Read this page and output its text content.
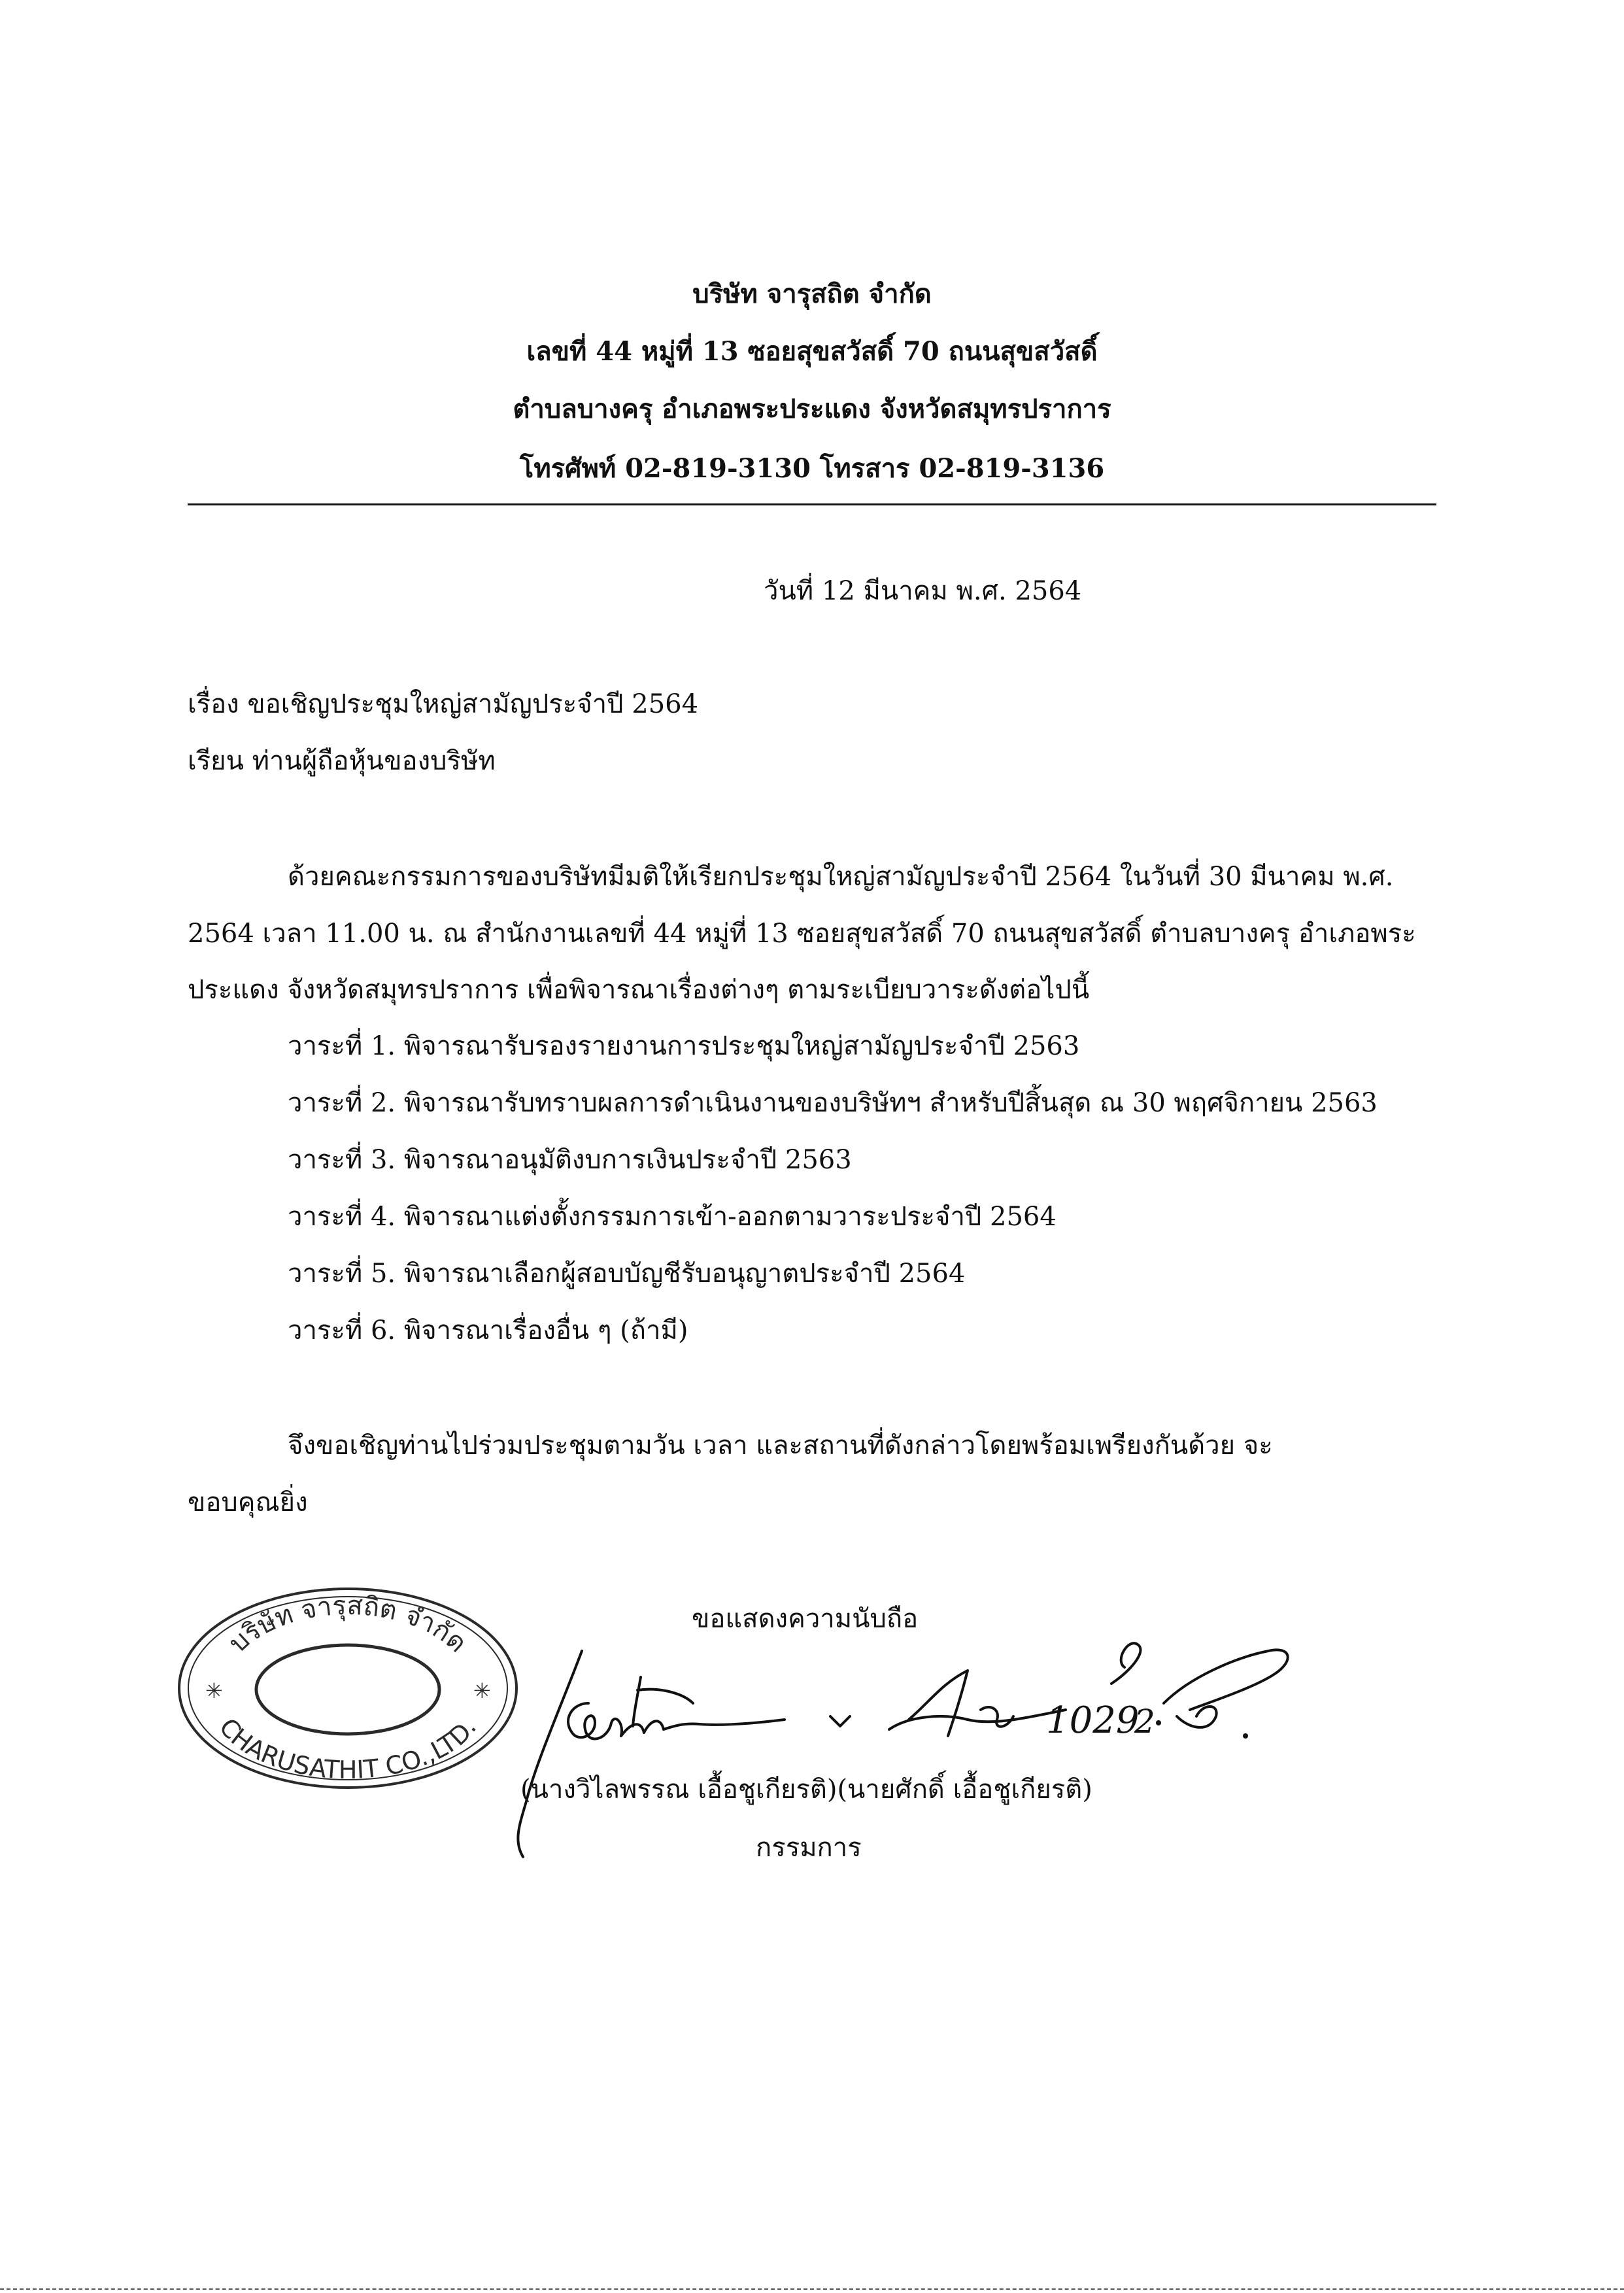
บริษัท จารุสถิต จำกัด
เลขที่ 44 หมู่ที่ 13 ซอยสุขสวัสดิ์ 70 ถนนสุขสวัสดิ์
ตำบลบางครุ อำเภอพระประแดง จังหวัดสมุทรปราการ
โทรศัพท์ 02-819-3130 โทรสาร 02-819-3136
วันที่ 12 มีนาคม พ.ศ. 2564
เรื่อง ขอเชิญประชุมใหญ่สามัญประจำปี 2564
เรียน ท่านผู้ถือหุ้นของบริษัท
ด้วยคณะกรรมการของบริษัทมีมติให้เรียกประชุมใหญ่สามัญประจำปี 2564 ในวันที่ 30 มีนาคม พ.ศ.
2564 เวลา 11.00 น. ณ สำนักงานเลขที่ 44 หมู่ที่ 13 ซอยสุขสวัสดิ์ 70 ถนนสุขสวัสดิ์ ตำบลบางครุ อำเภอพระ
ประแดง จังหวัดสมุทรปราการ เพื่อพิจารณาเรื่องต่างๆ ตามระเบียบวาระดังต่อไปนี้
วาระที่ 1. พิจารณารับรองรายงานการประชุมใหญ่สามัญประจำปี 2563
วาระที่ 2. พิจารณารับทราบผลการดำเนินงานของบริษัทฯ สำหรับปีสิ้นสุด ณ 30 พฤศจิกายน 2563
วาระที่ 3. พิจารณาอนุมัติงบการเงินประจำปี 2563
วาระที่ 4. พิจารณาแต่งตั้งกรรมการเข้า-ออกตามวาระประจำปี 2564
วาระที่ 5. พิจารณาเลือกผู้สอบบัญชีรับอนุญาตประจำปี 2564
วาระที่ 6. พิจารณาเรื่องอื่น ๆ (ถ้ามี)
จึงขอเชิญท่านไปร่วมประชุมตามวัน เวลา และสถานที่ดังกล่าวโดยพร้อมเพรียงกันด้วย จะ
ขอบคุณยิ่ง
ขอแสดงความนับถือ
บริษัท จารุสถิต จำกัด
CHARUSATHIT CO.,LTD.
✳	✳
1029
2
(นางวิไลพรรณ เอื้อชูเกียรติ)(นายศักดิ์ เอื้อชูเกียรติ)
กรรมการ
